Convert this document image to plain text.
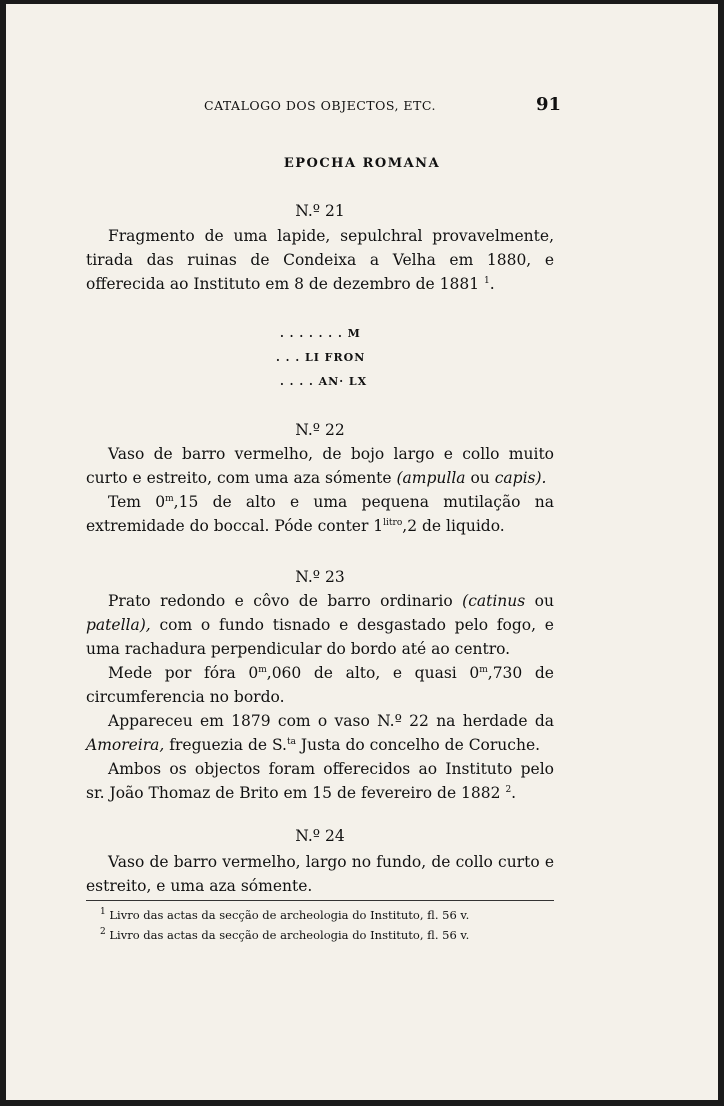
CATALOGO DOS OBJECTOS, ETC.	91
EPOCHA ROMANA
N.º 21

Fragmento de uma lapide, sepulchral provavelmente, tirada das ruinas de Condeixa a Velha em 1880, e offerecida ao Instituto em 8 de dezembro de 1881 $^1$.

. . . . . . . M
. . . LI FRON
. . . . AN· LX
N.º 22

Vaso de barro vermelho, de bojo largo e collo muito curto e estreito, com uma aza sómente (ampulla ou capis).

Tem 0$^m$,15 de alto e uma pequena mutilação na extremidade do boccal. Póde conter $1^{litro},2$ de liquido.

N.º 23

Prato redondo e côvo de barro ordinario (catinus ou patella), com o fundo tisnado e desgastado pelo fogo, e uma rachadura perpendicular do bordo até ao centro.

Mede por fóra 0$^m$,060 de alto, e quasi 0$^m$,730 de circumferencia no bordo.

Appareceu em 1879 com o vaso N.º 22 na herdade da Amoreira, freguezia de S.$^{ta}$ Justa do concelho de Coruche.

Ambos os objectos foram offerecidos ao Instituto pelo sr. João Thomaz de Brito em 15 de fevereiro de 1882 $^2$.

N.º 24

Vaso de barro vermelho, largo no fundo, de collo curto e estreito, e uma aza sómente.

$^1$ Livro das actas da secção de archeologia do Instituto, fl. 56 v.
$^2$ Livro das actas da secção de archeologia do Instituto, fl. 56 v.
